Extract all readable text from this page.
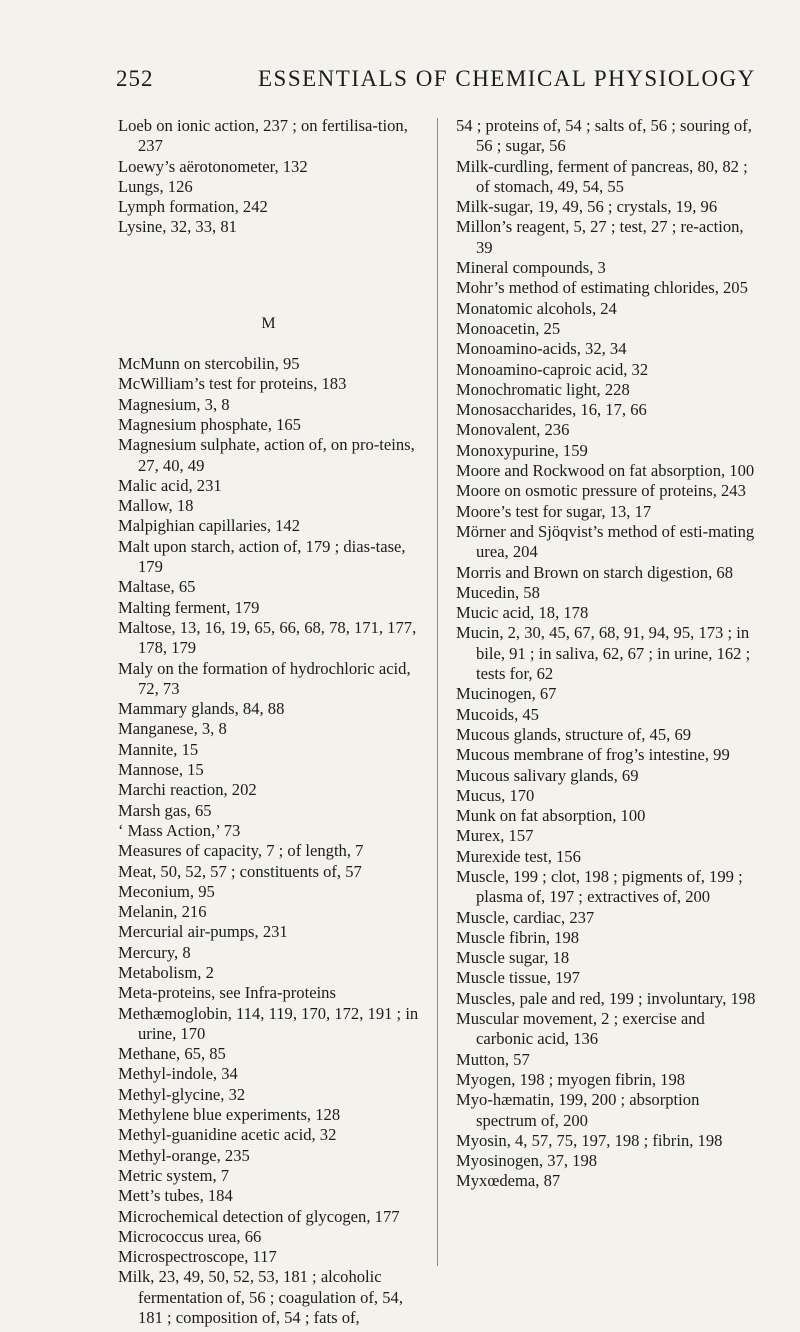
252	ESSENTIALS OF CHEMICAL PHYSIOLOGY

Loeb on ionic action, 237 ; on fertilisa-tion, 237

Loewy’s aërotonometer, 132

Lungs, 126

Lymph formation, 242

Lysine, 32, 33, 81

M

McMunn on stercobilin, 95

McWilliam’s test for proteins, 183

Magnesium, 3, 8

Magnesium phosphate, 165

Magnesium sulphate, action of, on pro-teins, 27, 40, 49

Malic acid, 231

Mallow, 18

Malpighian capillaries, 142

Malt upon starch, action of, 179 ; dias-tase, 179

Maltase, 65

Malting ferment, 179

Maltose, 13, 16, 19, 65, 66, 68, 78, 171, 177, 178, 179

Maly on the formation of hydrochloric acid, 72, 73

Mammary glands, 84, 88

Manganese, 3, 8

Mannite, 15

Mannose, 15

Marchi reaction, 202

Marsh gas, 65

‘ Mass Action,’ 73

Measures of capacity, 7 ; of length, 7

Meat, 50, 52, 57 ; constituents of, 57

Meconium, 95

Melanin, 216

Mercurial air-pumps, 231

Mercury, 8

Metabolism, 2

Meta-proteins, see Infra-proteins

Methæmoglobin, 114, 119, 170, 172, 191 ; in urine, 170

Methane, 65, 85

Methyl-indole, 34

Methyl-glycine, 32

Methylene blue experiments, 128

Methyl-guanidine acetic acid, 32

Methyl-orange, 235

Metric system, 7

Mett’s tubes, 184

Microchemical detection of glycogen, 177

Micrococcus urea, 66

Microspectroscope, 117

Milk, 23, 49, 50, 52, 53, 181 ; alcoholic fermentation of, 56 ; coagulation of, 54, 181 ; composition of, 54 ; fats of,

54 ; proteins of, 54 ; salts of, 56 ; souring of, 56 ; sugar, 56

Milk-curdling, ferment of pancreas, 80, 82 ; of stomach, 49, 54, 55

Milk-sugar, 19, 49, 56 ; crystals, 19, 96

Millon’s reagent, 5, 27 ; test, 27 ; re-action, 39

Mineral compounds, 3

Mohr’s method of estimating chlorides, 205

Monatomic alcohols, 24

Monoacetin, 25

Monoamino-acids, 32, 34

Monoamino-caproic acid, 32

Monochromatic light, 228

Monosaccharides, 16, 17, 66

Monovalent, 236

Monoxypurine, 159

Moore and Rockwood on fat absorption, 100

Moore on osmotic pressure of proteins, 243

Moore’s test for sugar, 13, 17

Mörner and Sjöqvist’s method of esti-mating urea, 204

Morris and Brown on starch digestion, 68

Mucedin, 58

Mucic acid, 18, 178

Mucin, 2, 30, 45, 67, 68, 91, 94, 95, 173 ; in bile, 91 ; in saliva, 62, 67 ; in urine, 162 ; tests for, 62

Mucinogen, 67

Mucoids, 45

Mucous glands, structure of, 45, 69

Mucous membrane of frog’s intestine, 99

Mucous salivary glands, 69

Mucus, 170

Munk on fat absorption, 100

Murex, 157

Murexide test, 156

Muscle, 199 ; clot, 198 ; pigments of, 199 ; plasma of, 197 ; extractives of, 200

Muscle, cardiac, 237

Muscle fibrin, 198

Muscle sugar, 18

Muscle tissue, 197

Muscles, pale and red, 199 ; involuntary, 198

Muscular movement, 2 ; exercise and carbonic acid, 136

Mutton, 57

Myogen, 198 ; myogen fibrin, 198

Myo-hæmatin, 199, 200 ; absorption spectrum of, 200

Myosin, 4, 57, 75, 197, 198 ; fibrin, 198

Myosinogen, 37, 198

Myxœdema, 87
